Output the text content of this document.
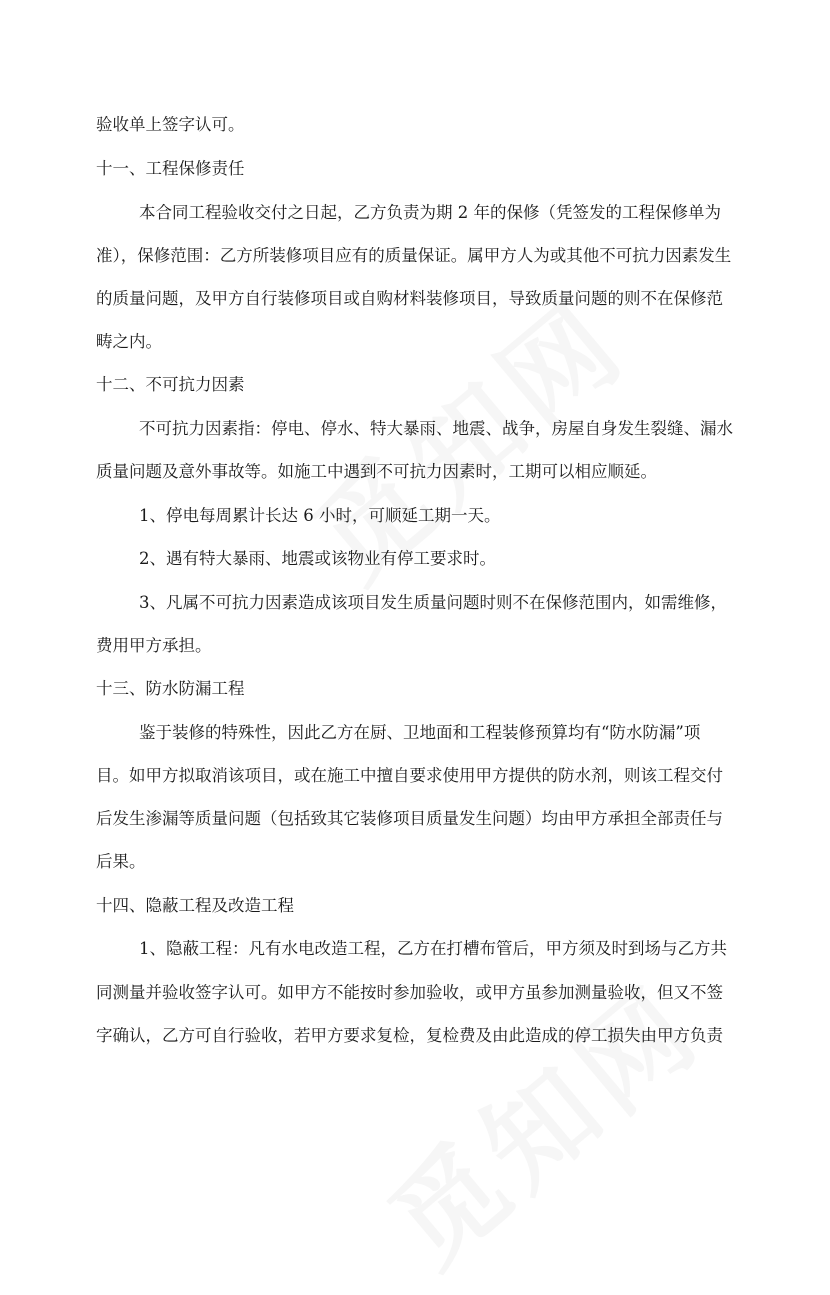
验收单上签字认可。
十一、工程保修责任
本合同工程验收交付之日起，乙方负责为期 2 年的保修（凭签发的工程保修单为
准），保修范围：乙方所装修项目应有的质量保证。属甲方人为或其他不可抗力因素发生
的质量问题，及甲方自行装修项目或自购材料装修项目，导致质量问题的则不在保修范
畴之内。
十二、不可抗力因素
不可抗力因素指：停电、停水、特大暴雨、地震、战争，房屋自身发生裂缝、漏水
质量问题及意外事故等。如施工中遇到不可抗力因素时，工期可以相应顺延。
1、停电每周累计长达 6 小时，可顺延工期一天。
2、遇有特大暴雨、地震或该物业有停工要求时。
3、凡属不可抗力因素造成该项目发生质量问题时则不在保修范围内，如需维修，
费用甲方承担。
十三、防水防漏工程
鉴于装修的特殊性，因此乙方在厨、卫地面和工程装修预算均有“防水防漏”项
目。如甲方拟取消该项目，或在施工中擅自要求使用甲方提供的防水剂，则该工程交付
后发生渗漏等质量问题（包括致其它装修项目质量发生问题）均由甲方承担全部责任与
后果。
十四、隐蔽工程及改造工程
1、隐蔽工程：凡有水电改造工程，乙方在打槽布管后，甲方须及时到场与乙方共
同测量并验收签字认可。如甲方不能按时参加验收，或甲方虽参加测量验收，但又不签
字确认，乙方可自行验收，若甲方要求复检，复检费及由此造成的停工损失由甲方负责
